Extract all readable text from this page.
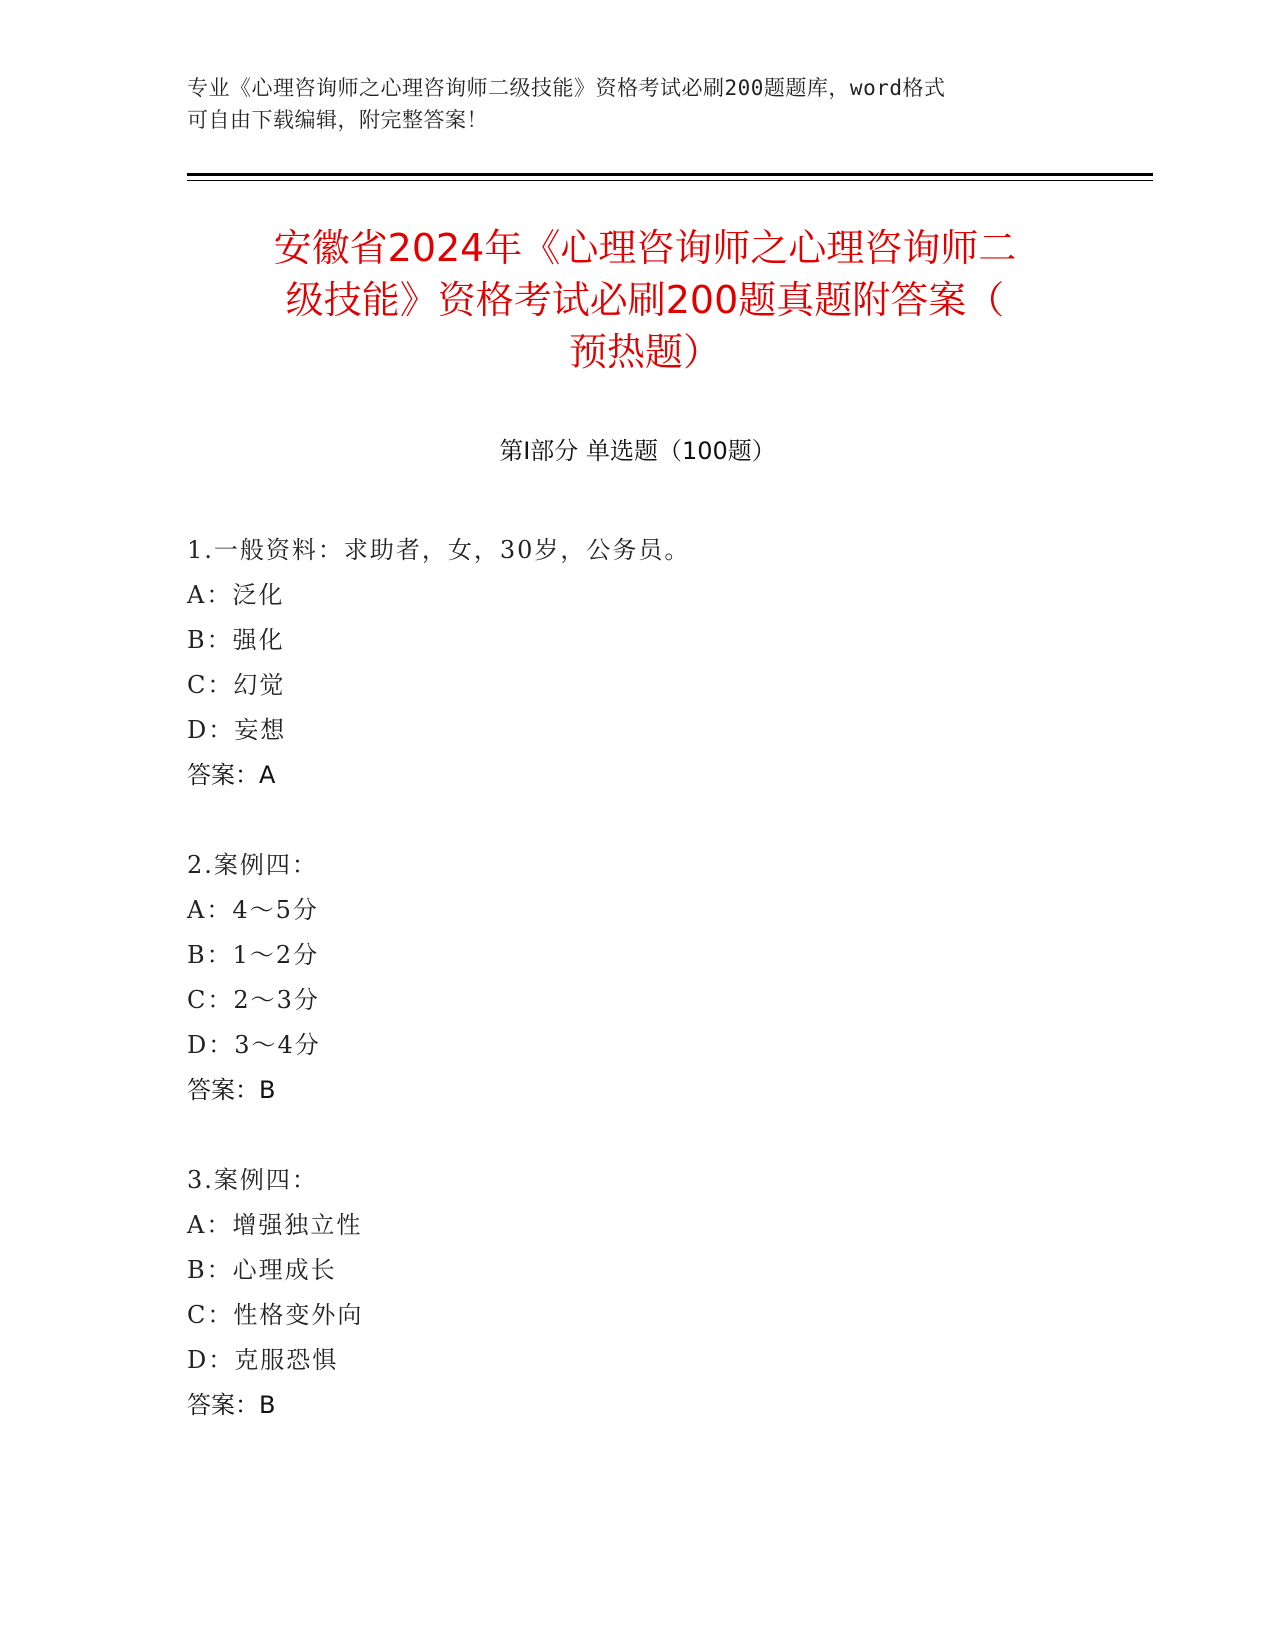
专业《心理咨询师之心理咨询师二级技能》资格考试必刷200题题库，word格式
可自由下载编辑，附完整答案！
安徽省2024年《心理咨询师之心理咨询师二
级技能》资格考试必刷200题真题附答案（
预热题）
第Ⅰ部分 单选题（100题）
1.一般资料：求助者，女，30岁，公务员。
A：泛化
B：强化
C：幻觉
D：妄想
答案：A
2.案例四：
A：4～5分
B：1～2分
C：2～3分
D：3～4分
答案：B
3.案例四：
A：增强独立性
B：心理成长
C：性格变外向
D：克服恐惧
答案：B
